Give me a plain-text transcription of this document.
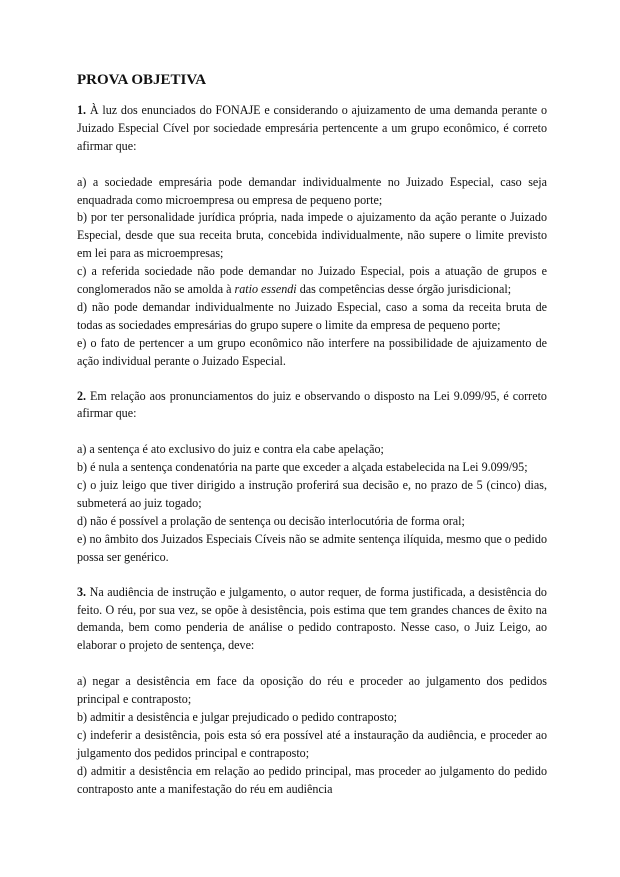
PROVA OBJETIVA

1. À luz dos enunciados do FONAJE e considerando o ajuizamento de uma demanda perante o Juizado Especial Cível por sociedade empresária pertencente a um grupo econômico, é correto afirmar que:

a) a sociedade empresária pode demandar individualmente no Juizado Especial, caso seja enquadrada como microempresa ou empresa de pequeno porte;

b) por ter personalidade jurídica própria, nada impede o ajuizamento da ação perante o Juizado Especial, desde que sua receita bruta, concebida individualmente, não supere o limite previsto em lei para as microempresas;

c) a referida sociedade não pode demandar no Juizado Especial, pois a atuação de grupos e conglomerados não se amolda à ratio essendi das competências desse órgão jurisdicional;

d) não pode demandar individualmente no Juizado Especial, caso a soma da receita bruta de todas as sociedades empresárias do grupo supere o limite da empresa de pequeno porte;

e) o fato de pertencer a um grupo econômico não interfere na possibilidade de ajuizamento de ação individual perante o Juizado Especial.

2. Em relação aos pronunciamentos do juiz e observando o disposto na Lei 9.099/95, é correto afirmar que:

a) a sentença é ato exclusivo do juiz e contra ela cabe apelação;

b) é nula a sentença condenatória na parte que exceder a alçada estabelecida na Lei 9.099/95;

c) o juiz leigo que tiver dirigido a instrução proferirá sua decisão e, no prazo de 5 (cinco) dias, submeterá ao juiz togado;

d) não é possível a prolação de sentença ou decisão interlocutória de forma oral;

e) no âmbito dos Juizados Especiais Cíveis não se admite sentença ilíquida, mesmo que o pedido possa ser genérico.

3. Na audiência de instrução e julgamento, o autor requer, de forma justificada, a desistência do feito. O réu, por sua vez, se opõe à desistência, pois estima que tem grandes chances de êxito na demanda, bem como penderia de análise o pedido contraposto. Nesse caso, o Juiz Leigo, ao elaborar o projeto de sentença, deve:

a) negar a desistência em face da oposição do réu e proceder ao julgamento dos pedidos principal e contraposto;

b) admitir a desistência e julgar prejudicado o pedido contraposto;

c) indeferir a desistência, pois esta só era possível até a instauração da audiência, e proceder ao julgamento dos pedidos principal e contraposto;

d) admitir a desistência em relação ao pedido principal, mas proceder ao julgamento do pedido contraposto ante a manifestação do réu em audiência
